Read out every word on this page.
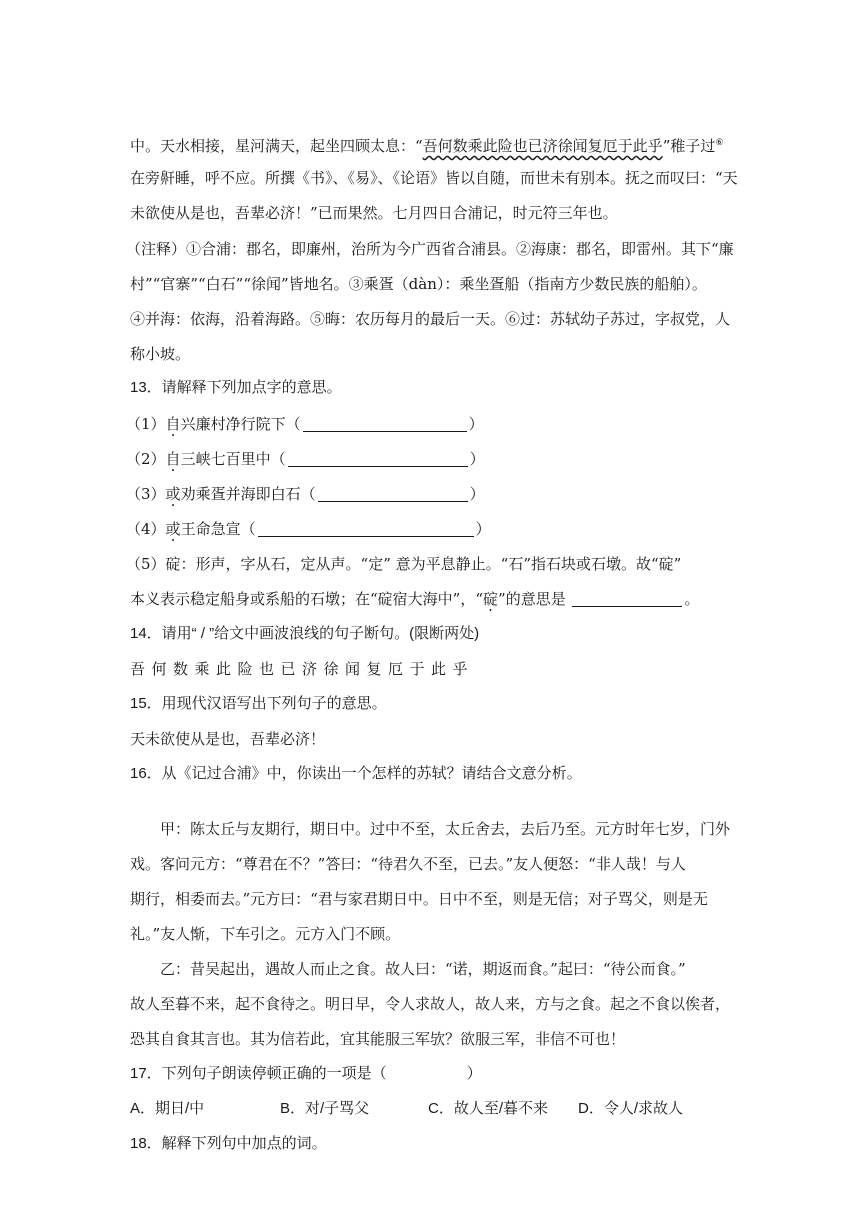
中。天水相接，星河满天，起坐四顾太息：“吾何数乘此险也已济徐闻复厄于此乎”稚子过⑥
在旁鼾睡，呼不应。所撰《书》、《易》、《论语》皆以自随，而世未有别本。抚之而叹曰：“天
未欲使从是也，吾辈必济！”已而果然。七月四日合浦记，时元符三年也。
（注释）①合浦：郡名，即廉州，治所为今广西省合浦县。②海康：郡名，即雷州。其下“廉
村”“官寨”“白石”“徐闻”皆地名。③乘疍（dàn）：乘坐疍船（指南方少数民族的船舶）。
④并海：依海，沿着海路。⑤晦：农历每月的最后一天。⑥过：苏轼幼子苏过，字叔党，人
称小坡。
13．请解释下列加点字的意思。
（1）自兴廉村净行院下（	）
（2）自三峡七百里中（	）
（3）或劝乘疍并海即白石（	）
（4）或王命急宣（	）
（5）碇：形声，字从石，定从声。“定” 意为平息静止。“石”指石块或石墩。故“碇”
本义表示稳定船身或系船的石墩；在“碇宿大海中”，“碇”的意思是	。
14．请用“ / ”给文中画波浪线的句子断句。(限断两处)
吾何数乘此险也已济徐闻复厄于此乎
15．用现代汉语写出下列句子的意思。
天未欲使从是也，吾辈必济！
16．从《记过合浦》中，你读出一个怎样的苏轼？请结合文意分析。
甲：陈太丘与友期行，期日中。过中不至，太丘舍去，去后乃至。元方时年七岁，门外
戏。客问元方：“尊君在不？”答曰：“待君久不至，已去。”友人便怒：“非人哉！与人
期行，相委而去。”元方曰：“君与家君期日中。日中不至，则是无信；对子骂父，则是无
礼。”友人惭，下车引之。元方入门不顾。
乙：昔吴起出，遇故人而止之食。故人曰：“诺，期返而食。”起曰：“待公而食。”
故人至暮不来，起不食待之。明日早，令人求故人，故人来，方与之食。起之不食以俟者，
恐其自食其言也。其为信若此，宜其能服三军欤？欲服三军，非信不可也！
17．下列句子朗读停顿正确的一项是（	）
A．期日/中	B．对/子骂父	C．故人至/暮不来 D．令人/求故人
18．解释下列句中加点的词。
